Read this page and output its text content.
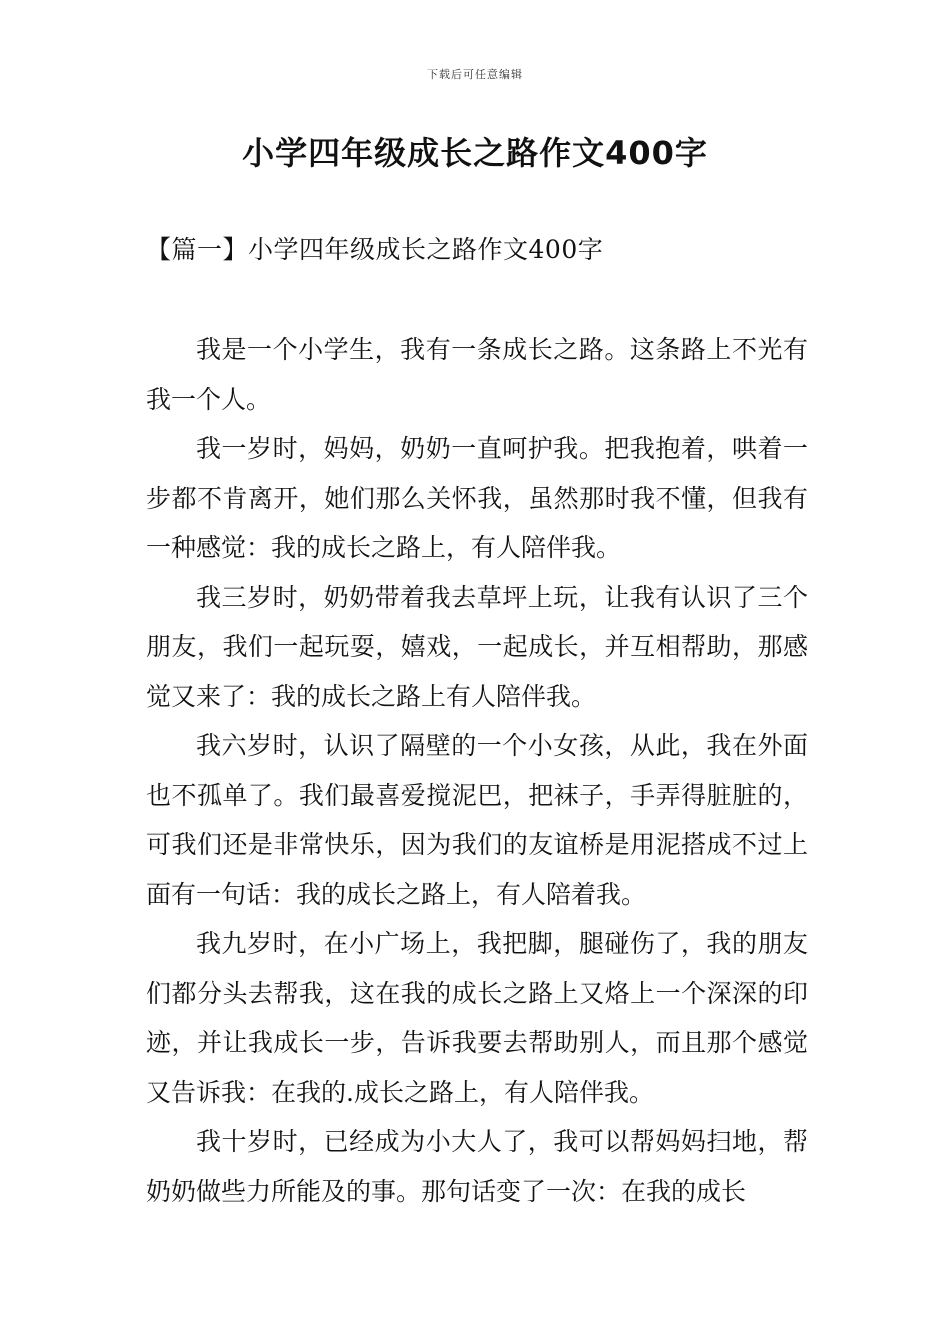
下载后可任意编辑
小学四年级成长之路作文400字
【篇一】小学四年级成长之路作文400字

我是一个小学生，我有一条成长之路。这条路上不光有我一个人。

我一岁时，妈妈，奶奶一直呵护我。把我抱着，哄着一步都不肯离开，她们那么关怀我，虽然那时我不懂，但我有一种感觉：我的成长之路上，有人陪伴我。

我三岁时，奶奶带着我去草坪上玩，让我有认识了三个朋友，我们一起玩耍，嬉戏，一起成长，并互相帮助，那感觉又来了：我的成长之路上有人陪伴我。

我六岁时，认识了隔壁的一个小女孩，从此，我在外面也不孤单了。我们最喜爱搅泥巴，把袜子，手弄得脏脏的，可我们还是非常快乐，因为我们的友谊桥是用泥搭成不过上面有一句话：我的成长之路上，有人陪着我。

我九岁时，在小广场上，我把脚，腿碰伤了，我的朋友们都分头去帮我，这在我的成长之路上又烙上一个深深的印迹，并让我成长一步，告诉我要去帮助别人，而且那个感觉又告诉我：在我的.成长之路上，有人陪伴我。

我十岁时，已经成为小大人了，我可以帮妈妈扫地，帮奶奶做些力所能及的事。那句话变了一次：在我的成长
